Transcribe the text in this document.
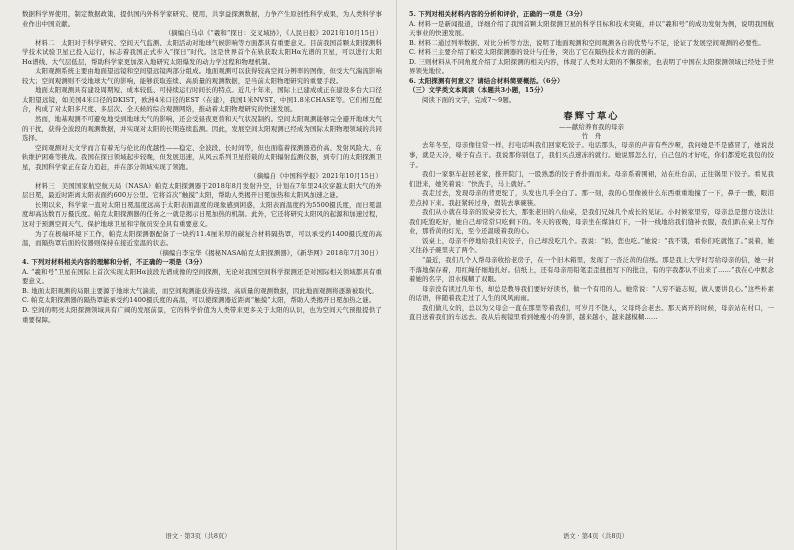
数据科学界使用，制定数据政策，提供国内外科学家研究、使用，共享益探测数据，力争产生原创性科学成果，为人类科学事业作出中国贡献。

（摘编自马卓《“羲和”探日：交叉域协》，《人民日报》2021年10月15日）

材料二　太阳对于科学研究、空间天气监测、太阳活动对地球气候影响等方面都具有重要意义。目前我国首颗太阳探测科学技术试验卫星已投入运行，标志着我国正式步入“探日”时代。这是世界首个在轨获取太阳Hα光谱的卫星，可以进行太阳Hα谱线、大气层低层，帮助科学家更加深入地研究太阳爆发的动力学过程和物理机制。

太阳观测系统主要由地面望远镜和空间望远镜两部分组成。地面观测可以获得较高空间分辨率的图像，但受大气湍流影响较大；空间观测则不受地球大气的影响，能够获取连续、高质量的观测数据，是当前太阳物理研究的重要手段。

地面太阳观测具有建设周期短、成本较低、可持续运行时间长的特点。近几十年来，国际上已建成或正在建设多台大口径太阳望远镜，如美国4米口径的DKIST，欧洲4米口径的EST（在建），我国1米NVST、中国1.8米CHASE等。它们相互配合，构成了对太阳多尺度、多层次、全天候的综合观测网络，推动着太阳物理研究的快速发展。

然而，地基观测不可避免地受到地球大气的影响，还会受昼夜更替和天气状况制约。空间太阳观测能够完全避开地球大气的干扰，获得全波段的观测数据，并实现对太阳的长期连续监测。因此，发展空间太阳观测已经成为国际太阳物理领域的共同选择。

空间观测对天文学而言有着无与伦比的优越性——稳定、全波段、长时间等，但也面临着探测器造价高、发射风险大、在轨维护困难等挑战。我国在探日领域起步较晚，但发展迅速，从风云系列卫星搭载的太阳辐射监测仪器，到专门的太阳探测卫星，我国科学家正在奋力追赶，并在部分领域实现了领跑。

（摘编自《中国科学报》2021年10月15日）

材料三　美国国家航空航天局（NASA）帕克太阳探测器于2018年8月发射升空，计划在7年里24次穿越太阳大气的外层日冕，最近时距离太阳表面约600万公里。它将首次“触摸”太阳，帮助人类揭开日冕加热和太阳风加速之谜。

长期以来，科学家一直对太阳日冕温度远高于太阳表面温度的现象感到困惑，太阳表面温度约为5500摄氏度，而日冕温度却高达数百万摄氏度。帕克太阳探测器的任务之一就是揭示日冕加热的机制。此外，它还将研究太阳风的起源和加速过程，这对于预测空间天气、保护地球卫星和宇航员安全具有重要意义。

为了在极端环境下工作，帕克太阳探测器配备了一块约11.4厘米厚的碳复合材料隔热罩，可以承受约1400摄氏度的高温，而隔热罩后面的仪器则保持在接近室温的状态。

（摘编自李宝华《揭秘NASA帕克太阳探测器》，《新华网》2018年7月30日）

4. 下列对材料相关内容的理解和分析，不正确的一项是（3分）

A. “羲和号”卫星在国际上首次实现太阳Hα波段光谱成像的空间探测，无论对我国空间科学探测还是对国际相关领域都具有重要意义。

B. 地面太阳观测的局限主要源于地球大气湍流，而空间观测能获得连续、高质量的观测数据，因此地面观测将逐渐被取代。

C. 帕克太阳探测器的隔热罩能承受约1400摄氏度的高温，可以使探测器近距离“触摸”太阳，帮助人类揭开日冕加热之谜。

D. 空间的明亮太阳探测领域具有广阔的发展前景，它的科学价值为人类带来更多关于太阳的认识，也为空间天气预报提供了重要保障。

语文 · 第3页（共8页）

5. 下列对相关材料内容的分析和评价，正确的一项是（3分）

A. 材料一是新闻报道，详细介绍了我国首颗太阳探测卫星的科学目标和技术突破，并以“羲和号”的成功发射为例，说明我国航天事业的快速发展。

B. 材料二通过列举数据、对比分析等方法，说明了地面观测和空间观测各自的优势与不足，论证了发展空间观测的必要性。

C. 材料三主要介绍了帕克太阳探测器的设计与任务，突出了它在隔热技术方面的创新。

D. 三则材料从不同角度介绍了太阳探测的相关内容，体现了人类对太阳的不懈探索，也表明了中国在太阳探测领域已经处于世界领先地位。

6. 太阳探测有何意义？请结合材料简要概括。（6分）

（三）文学类文本阅读（本题共3小题，15分）

阅读下面的文字，完成7～9题。

春辉寸草心

——献给养育我的母亲

竹　舟

去年冬至，母亲像往常一样，打电话叫我们回家吃饺子。电话那头，母亲的声音有些沙哑，我问她是不是感冒了，她说没事，就是天冷，嗓子有点干。我说那你别包了，我们买点速冻的就行。她说那怎么行，自己包的才好吃，你们都爱吃我包的饺子。

我们一家驱车赶回老家，推开院门，一股熟悉的饺子香扑面而来。母亲系着围裙，站在灶台前，正往锅里下饺子。看见我们进来，她笑着说：“快洗手，马上就好。”

我走过去，发现母亲的背更驼了，头发也几乎全白了。那一刻，我的心里像被什么东西重重地撞了一下，鼻子一酸，眼泪差点掉下来。我赶紧转过身，假装去拿碗筷。

我们从小就在母亲的饭桌旁长大，那张老旧的八仙桌，是我们兄妹几个成长的见证。小时候家里穷，母亲总是想方设法让我们吃饱吃好，她自己却常常只吃剩下的。冬天的夜晚，母亲坐在煤油灯下，一针一线地给我们缝补衣服，我们趴在桌上写作业，那昏黄的灯光，至今还温暖着我的心。

饭桌上，母亲不停地给我们夹饺子，自己却没吃几个。我说：“妈，您也吃。”她说：“我不饿，看你们吃就饱了。”说着，她又往孙子碗里夹了两个。

“最近，我们几个人帮母亲收拾老房子，在一个旧木箱里，发现了一沓泛黄的信纸。那是我上大学时写给母亲的信，她一封不落地保存着，用红绳仔细地扎好。信纸上，还有母亲用铅笔歪歪扭扭写下的批注，有的字我都认不出来了……”我在心中默念着她的名字，泪水模糊了双眼。

母亲没有读过几年书，却总是教导我们要好好读书，做一个有用的人。她常说：“人穷不能志短，做人要讲良心。”这些朴素的话语，伴随着我走过了人生的风风雨雨。

我们做儿女的，总以为父母会一直在那里等着我们，可岁月不饶人，父母终会老去。那天离开的时候，母亲站在村口，一直目送着我们的车远去。我从后视镜里看到她瘦小的身影，越来越小，越来越模糊……

语文 · 第4页（共8页）
